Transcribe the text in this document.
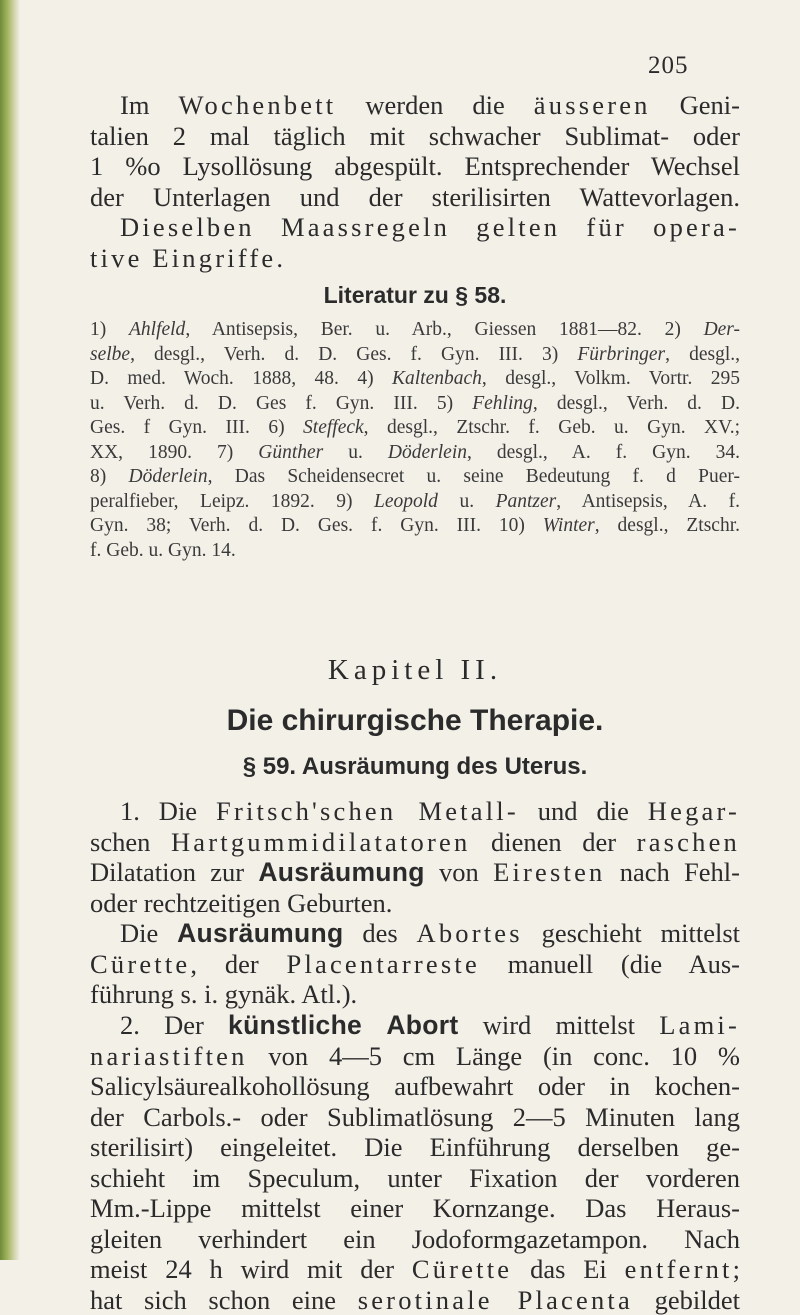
205
Im Wochenbett werden die äusseren Geni-
talien 2 mal täglich mit schwacher Sublimat- oder
1 %o Lysollösung abgespült. Entsprechender Wechsel
der Unterlagen und der sterilisirten Wattevorlagen.
Dieselben Maassregeln gelten für opera-
tive Eingriffe.
Literatur zu § 58.
1) Ahlfeld, Antisepsis, Ber. u. Arb., Giessen 1881—82. 2) Der-
selbe, desgl., Verh. d. D. Ges. f. Gyn. III. 3) Fürbringer, desgl.,
D. med. Woch. 1888, 48. 4) Kaltenbach, desgl., Volkm. Vortr. 295
u. Verh. d. D. Ges f. Gyn. III. 5) Fehling, desgl., Verh. d. D.
Ges. f Gyn. III. 6) Steffeck, desgl., Ztschr. f. Geb. u. Gyn. XV.;
XX, 1890. 7) Günther u. Döderlein, desgl., A. f. Gyn. 34.
8) Döderlein, Das Scheidensecret u. seine Bedeutung f. d Puer-
peralfieber, Leipz. 1892. 9) Leopold u. Pantzer, Antisepsis, A. f.
Gyn. 38; Verh. d. D. Ges. f. Gyn. III. 10) Winter, desgl., Ztschr.
f. Geb. u. Gyn. 14.
Kapitel II.
Die chirurgische Therapie.
§ 59. Ausräumung des Uterus.
1. Die Fritsch'schen Metall- und die Hegar-
schen Hartgummidilatatoren dienen der raschen
Dilatation zur Ausräumung von Eiresten nach Fehl-
oder rechtzeitigen Geburten.
Die Ausräumung des Abortes geschieht mittelst
Cürette, der Placentarreste manuell (die Aus-
führung s. i. gynäk. Atl.).
2. Der künstliche Abort wird mittelst Lami-
nariastiften von 4—5 cm Länge (in conc. 10 %
Salicylsäurealkohollösung aufbewahrt oder in kochen-
der Carbols.- oder Sublimatlösung 2—5 Minuten lang
sterilisirt) eingeleitet. Die Einführung derselben ge-
schieht im Speculum, unter Fixation der vorderen
Mm.-Lippe mittelst einer Kornzange. Das Heraus-
gleiten verhindert ein Jodoformgazetampon. Nach
meist 24 h wird mit der Cürette das Ei entfernt;
hat sich schon eine serotinale Placenta gebildet
